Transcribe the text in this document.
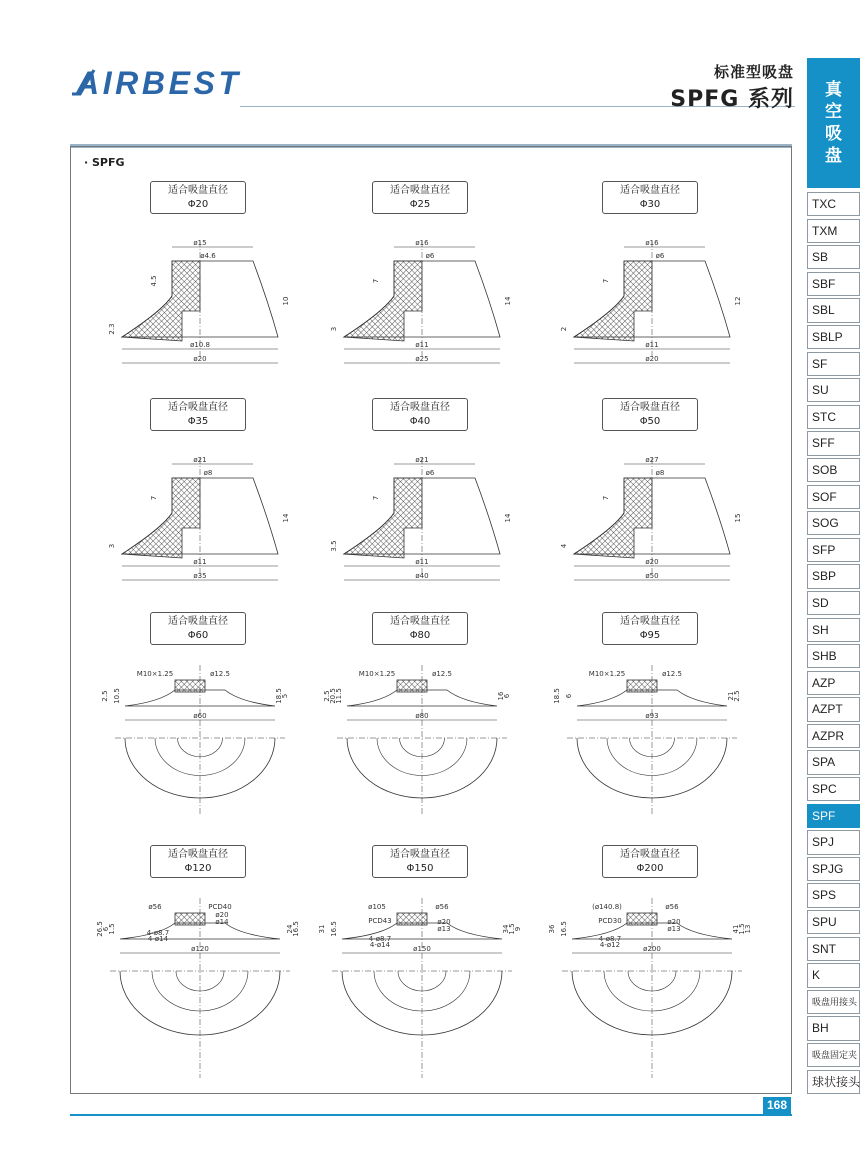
AIRBEST	标准型吸盘
SPFG 系列 真
空
吸
盘
TXC
TXM
SB
SBF
SBL
SBLP
SF
SU
STC
SFF
SOB
SOF
SOG
SFP
SBP
SD
SH
SHB
AZP
AZPT
AZPR
SPA
SPC
SPF
SPJ
SPJG
SPS
SPU
SNT
K
吸盘用接头
BH
吸盘固定夹
球状接头
· SPFG
适合吸盘直径
Φ20
ø15
ø4.6
ø10.8
ø20
4.5
2.3
10
适合吸盘直径
Φ25
ø16
ø6
ø11
ø25
7
3
14
适合吸盘直径
Φ30
ø16
ø6
ø11
ø20
7
2
12
适合吸盘直径
Φ35
ø21
ø8
ø11
ø35
7
3
14
适合吸盘直径
Φ40
ø21
ø6
ø11
ø40
7
3.5
14
适合吸盘直径
Φ50
ø27
ø8
ø20
ø50
7
4
15
适合吸盘直径
Φ60
M10×1.25	ø12.5
ø60
10.5	5
2.5	18.5
适合吸盘直径
Φ80
M10×1.25	ø12.5
ø80
11.5	6
2.5	16
20.5
适合吸盘直径
Φ95
M10×1.25	ø12.5
ø93
6	2.5
18.5	21
适合吸盘直径
Φ120
ø56	PCD40
ø20
ø14
4-ø8.7
4-ø14
ø120
6	16.5
1.5	24
26.5
适合吸盘直径
Φ150
ø105	ø56
PCD43	ø20
ø13
4-ø8.7
4-ø14	ø150
9
16.5	1.5
31	34
适合吸盘直径
Φ200
(ø140.8)	ø56
PCD30	ø20
ø13
4-ø8.7
4-ø12	ø200
13
16.5	1.5
36	41
168
